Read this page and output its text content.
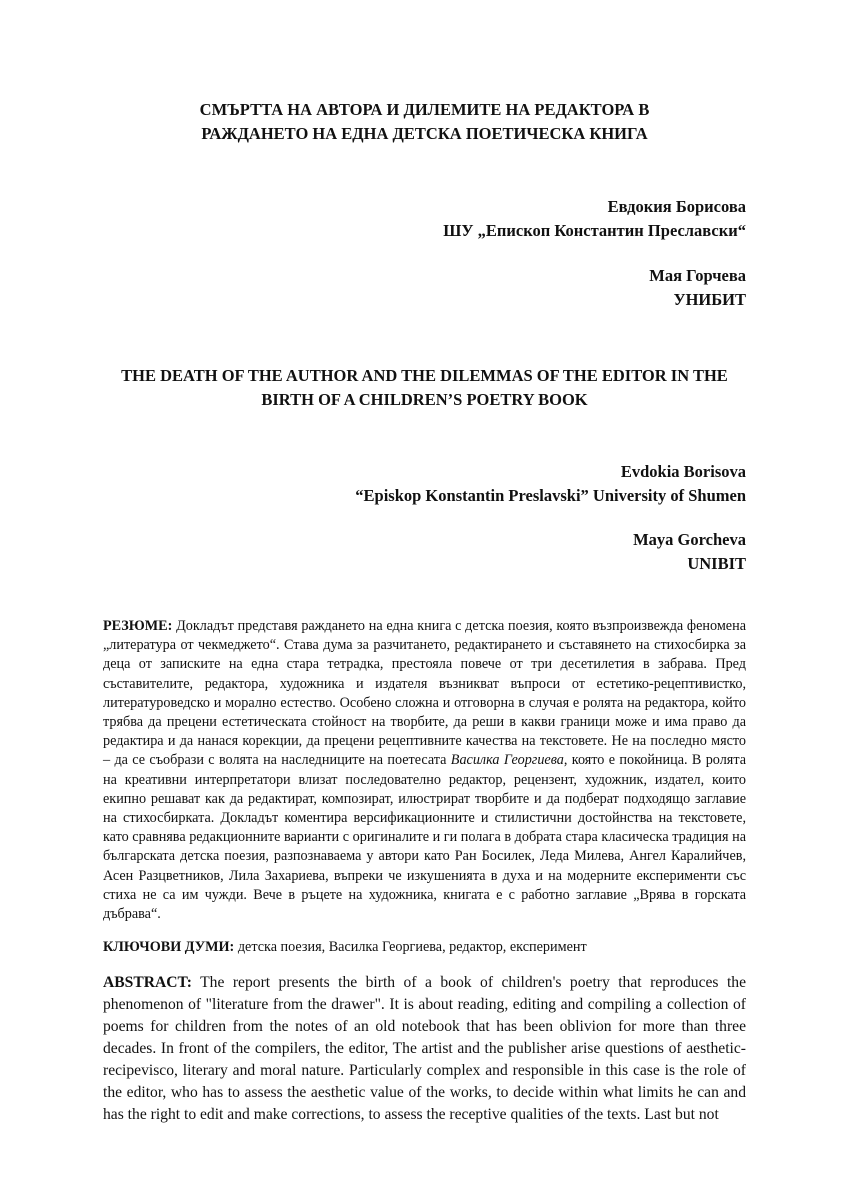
СМЪРТТА НА АВТОРА И ДИЛЕМИТЕ НА РЕДАКТОРА В
РАЖДАНЕТО НА ЕДНА ДЕТСКА ПОЕТИЧЕСКА КНИГА
Евдокия Борисова
ШУ „Епископ Константин Преславски“
Мая Горчева
УНИБИТ
THE DEATH OF THE AUTHOR AND THE DILEMMAS OF THE EDITOR IN THE
BIRTH OF A CHILDREN’S POETRY BOOK
Evdokia Borisova
“Episkop Konstantin Preslavski” University of Shumen
Maya Gorcheva
UNIBIT

РЕЗЮМЕ: Докладът представя раждането на една книга с детска поезия, която възпроизвежда феномена „литература от чекмеджето“. Става дума за разчитането, редактирането и съставянето на стихосбирка за деца от записките на една стара тетрадка, престояла повече от три десетилетия в забрава. Пред съставителите, редактора, художника и издателя възникват въпроси от естетико-рецептивистко, литературоведско и морално естество. Особено сложна и отговорна в случая е ролята на редактора, който трябва да прецени естетическата стойност на творбите, да реши в какви граници може и има право да редактира и да нанася корекции, да прецени рецептивните качества на текстовете. Не на последно място – да се съобрази с волята на наследниците на поетесата Василка Георгиева, която е покойница. В ролята на креативни интерпретатори влизат последователно редактор, рецензент, художник, издател, които екипно решават как да редактират, композират, илюстрират творбите и да подберат подходящо заглавие на стихосбирката. Докладът коментира версификационните и стилистични достойнства на текстовете, като сравнява редакционните варианти с оригиналите и ги полага в добрата стара класическа традиция на българската детска поезия, разпознаваема у автори като Ран Босилек, Леда Милева, Ангел Каралийчев, Асен Разцветников, Лила Захариева, въпреки че изкушенията в духа и на модерните експерименти със стиха не са им чужди. Вече в ръцете на художника, книгата е с работно заглавие „Врява в горската дъбрава“.

КЛЮЧОВИ ДУМИ: детска поезия, Василка Георгиева, редактор, експеримент

ABSTRACT: The report presents the birth of a book of children's poetry that reproduces the phenomenon of "literature from the drawer". It is about reading, editing and compiling a collection of poems for children from the notes of an old notebook that has been oblivion for more than three decades. In front of the compilers, the editor, The artist and the publisher arise questions of aesthetic-recipevisco, literary and moral nature. Particularly complex and responsible in this case is the role of the editor, who has to assess the aesthetic value of the works, to decide within what limits he can and has the right to edit and make corrections, to assess the receptive qualities of the texts. Last but not
